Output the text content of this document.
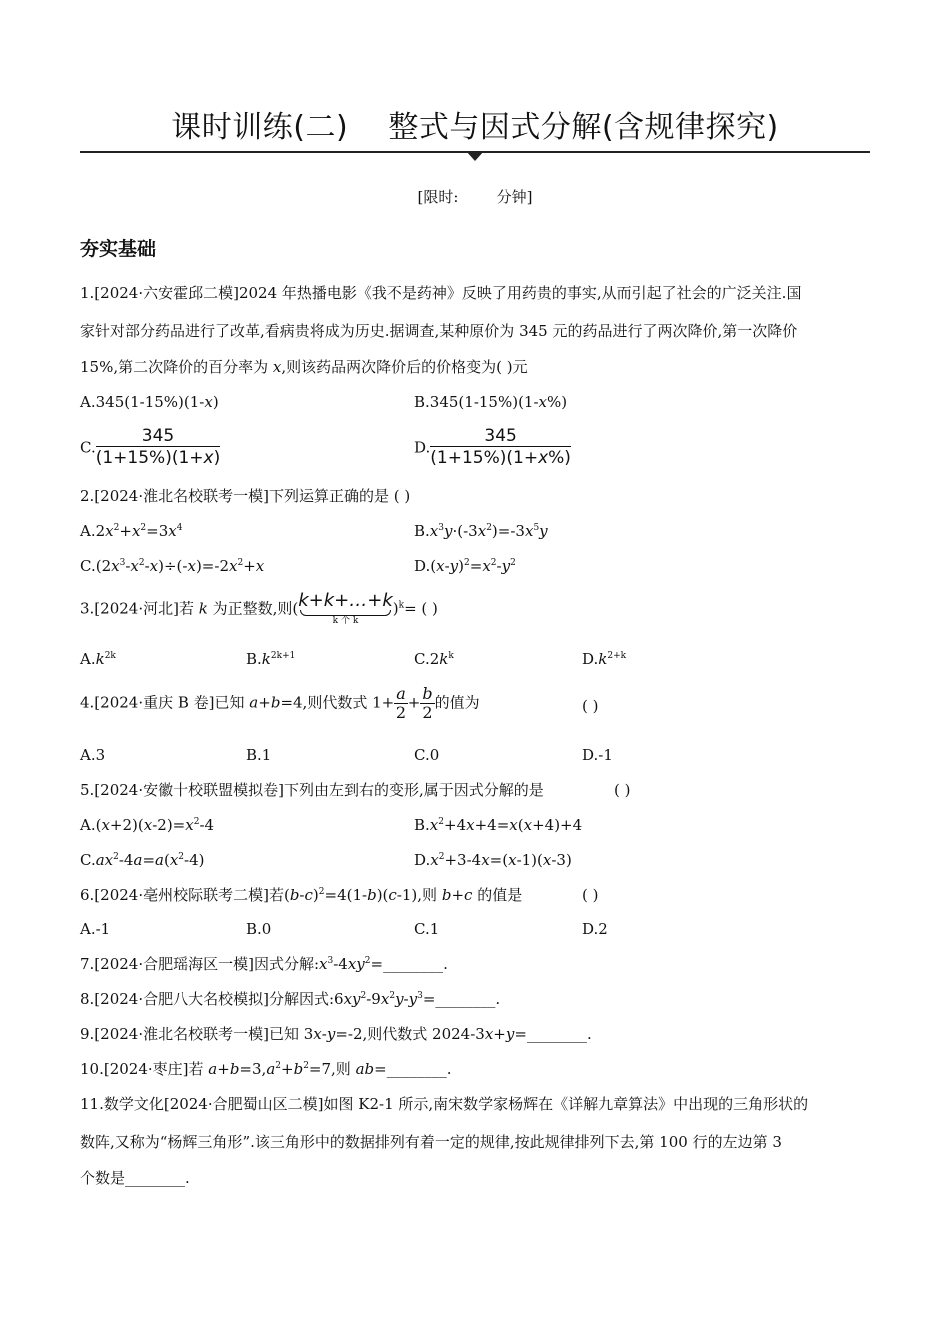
课时训练(二)    整式与因式分解(含规律探究)
[限时:        分钟]
夯实基础
1.[2024·六安霍邱二模]2024 年热播电影《我不是药神》反映了用药贵的事实,从而引起了社会的广泛关注.国
家针对部分药品进行了改革,看病贵将成为历史.据调查,某种原价为 345 元的药品进行了两次降价,第一次降价
15%,第二次降价的百分率为 x,则该药品两次降价后的价格变为( )元
A.345(1-15%)(1-x)	B.345(1-15%)(1-x%)
C. $\frac{345}{(1+15\%)(1+x)}$	D. $\frac{345}{(1+15\%)(1+x\%)}$
2.[2024·淮北名校联考一模]下列运算正确的是 ( )
$A.2x^2+x^2=3x^4$	$B.x^3y\cdot(-3x^2)=-3x^5y$
$C.(2x^3-x^2-x)\div(-x)=-2x^2+x$	$D.(x-y)^2=x^2-y^2$
3.[2024·河北]若 k 为正整数,则( k+k+…+k
k 个 k
)$^k$= ( )
$A.k^{2k}$	$B.k^{2k+1}$	$C.2k^k$	$D.k^{2+k}$
4.[2024·重庆 B 卷]已知 a+b=4,则代数式 $1+ \frac{a}{2} + \frac{b}{2}$ 的值为	( )
A.3	B.1	C.0	D.-1
5.[2024·安徽十校联盟模拟卷]下列由左到右的变形,属于因式分解的是	( )
$A.(x+2)(x-2)=x^2-4$	$B.x^2+4x+4=x(x+4)+4$
$C.ax^2-4a=a(x^2-4)$	$D.x^2+3-4x=(x-1)(x-3)$
6.[2024·亳州校际联考二模]若$(b-c)^2=4(1-b)(c-1)$,则 b+c 的值是	( )
A.-1	B.0	C.1	D.2
7.[2024·合肥瑶海区一模]因式分解$:x^3-4xy^2=\_\_\_\_\_\_\_\_$.
8.[2024·合肥八大名校模拟]分解因式$:6xy^2-9x^2y-y^3=\_\_\_\_\_\_\_\_$.
9.[2024·淮北名校联考一模]已知 3x-y=-2,则代数式 2024-3x+y=________.
10.[2024·枣庄]若 $a+b=3,a^2+b^2=7$,则 ab=________.
11.数学文化[2024·合肥蜀山区二模]如图 K2-1 所示,南宋数学家杨辉在《详解九章算法》中出现的三角形状的
数阵,又称为“杨辉三角形”.该三角形中的数据排列有着一定的规律,按此规律排列下去,第 100 行的左边第 3
个数是________.
